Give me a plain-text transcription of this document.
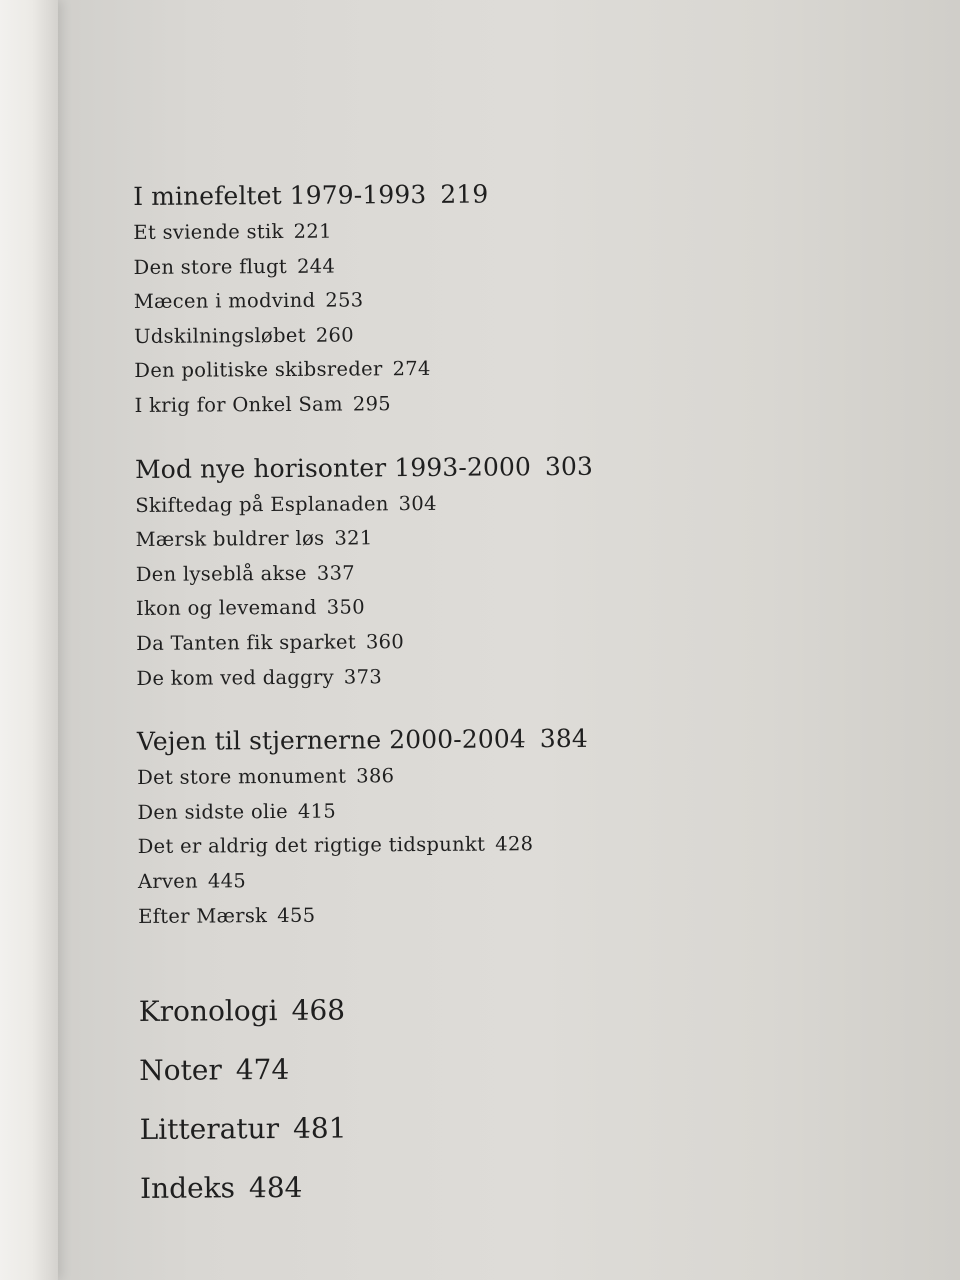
I minefeltet 1979-1993 219
Et sviende stik 221
Den store flugt 244
Mæcen i modvind 253
Udskilningsløbet 260
Den politiske skibsreder 274
I krig for Onkel Sam 295
Mod nye horisonter 1993-2000 303
Skiftedag på Esplanaden 304
Mærsk buldrer løs 321
Den lyseblå akse 337
Ikon og levemand 350
Da Tanten fik sparket 360
De kom ved daggry 373
Vejen til stjernerne 2000-2004 384
Det store monument 386
Den sidste olie 415
Det er aldrig det rigtige tidspunkt 428
Arven 445
Efter Mærsk 455

Kronologi 468

Noter 474

Litteratur 481

Indeks 484
